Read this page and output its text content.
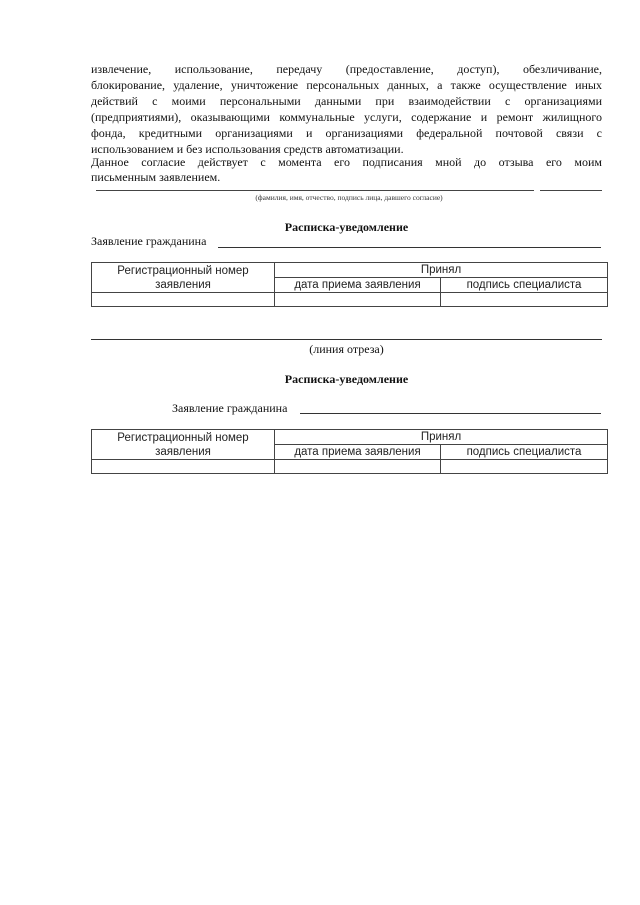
извлечение, использование, передачу (предоставление, доступ), обезличивание,

блокирование, удаление, уничтожение персональных данных, а также осуществление иных

действий с моими персональными данными при взаимодействии с организациями

(предприятиями), оказывающими коммунальные услуги, содержание и ремонт жилищного

фонда, кредитными организациями и организациями федеральной почтовой связи с

использованием и без использования средств автоматизации.

Данное согласие действует с момента его подписания мной до отзыва его моим

письменным заявлением.

(фамилия, имя, отчество, подпись лица, давшего согласие)
Расписка-уведомление
Заявление гражданина
Регистрационный номер
заявления	Принял	
	дата приема заявления	подпись специалиста

(линия отреза)
Расписка-уведомление
Заявление гражданина
Регистрационный номер
заявления	Принял	
	дата приема заявления	подпись специалиста
